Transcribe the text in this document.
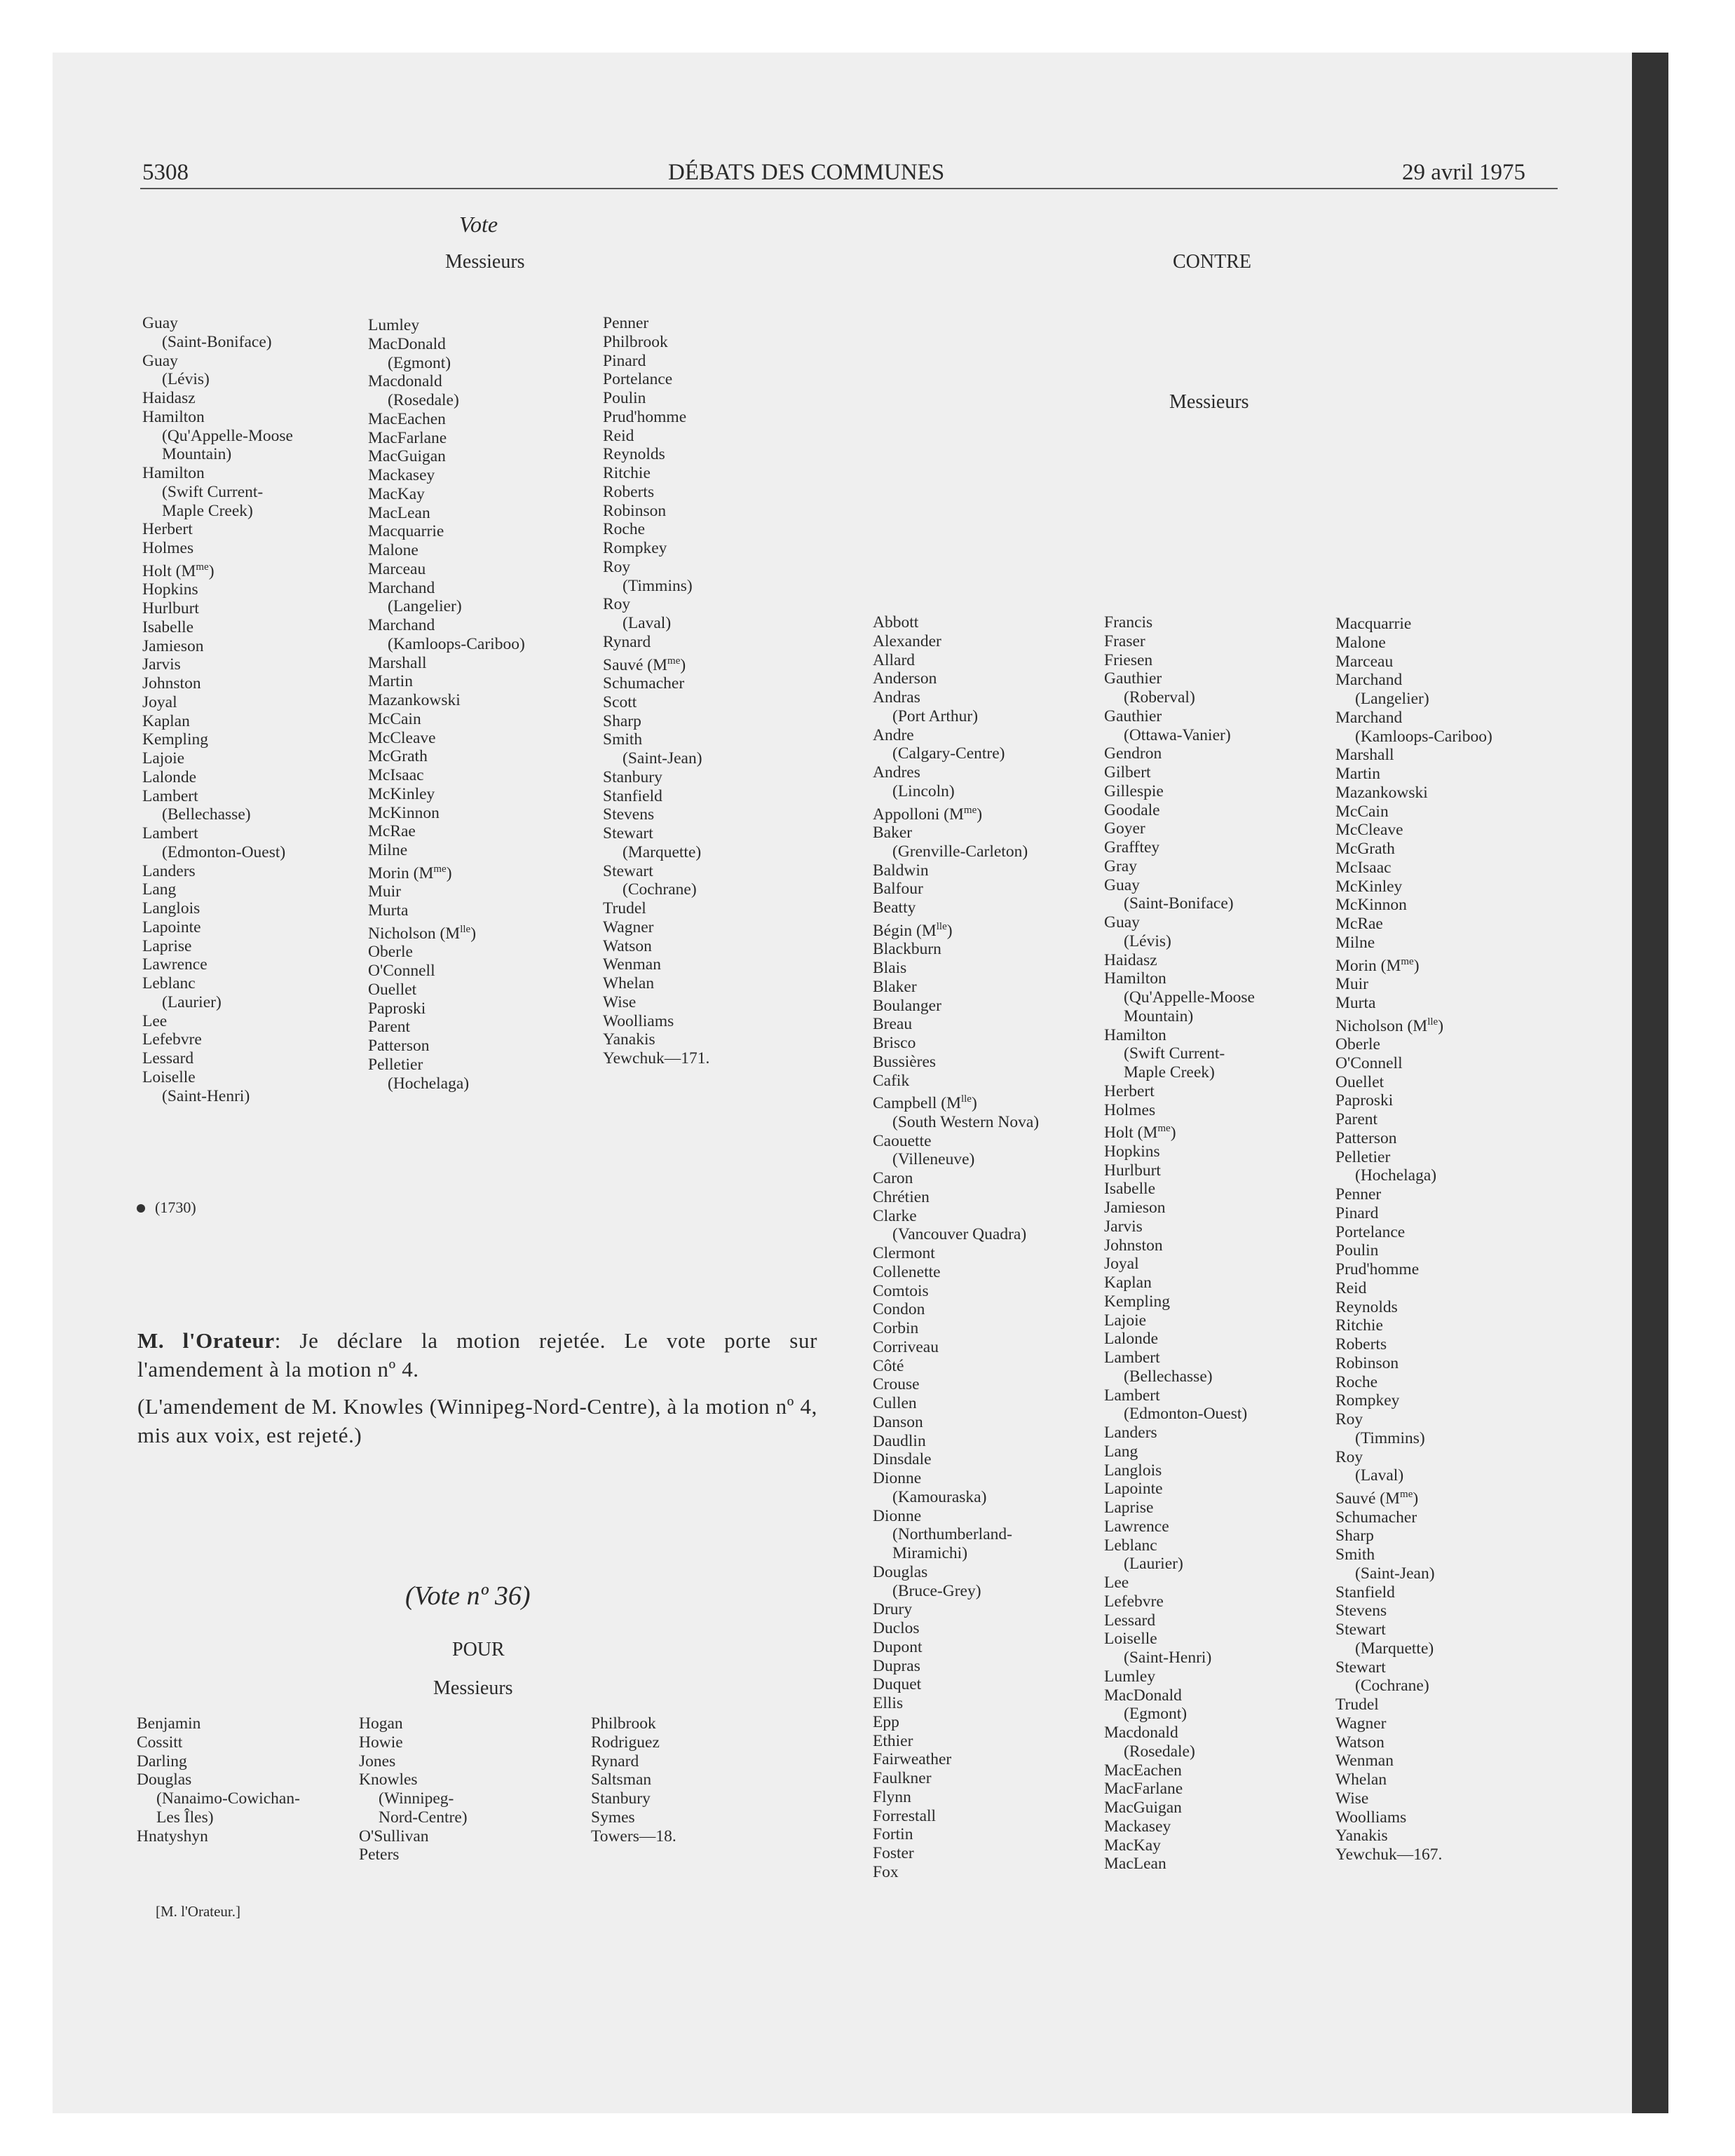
5308	DÉBATS DES COMMUNES	29 avril 1975
Vote
Messieurs	CONTRE
Messieurs
Guay
(Saint-Boniface)
Guay
(Lévis)
Haidasz
Hamilton
(Qu'Appelle-Moose
Mountain)
Hamilton
(Swift Current-
Maple Creek)
Herbert
Holmes
Holt $(M^{me})$
Hopkins
Hurlburt
Isabelle
Jamieson
Jarvis
Johnston
Joyal
Kaplan
Kempling
Lajoie
Lalonde
Lambert
(Bellechasse)
Lambert
(Edmonton-Ouest)
Landers
Lang
Langlois
Lapointe
Laprise
Lawrence
Leblanc
(Laurier)
Lee
Lefebvre
Lessard
Loiselle
(Saint-Henri)
Lumley
MacDonald
(Egmont)
Macdonald
(Rosedale)
MacEachen
MacFarlane
MacGuigan
Mackasey
MacKay
MacLean
Macquarrie
Malone
Marceau
Marchand
(Langelier)
Marchand
(Kamloops-Cariboo)
Marshall
Martin
Mazankowski
McCain
McCleave
McGrath
McIsaac
McKinley
McKinnon
McRae
Milne
Morin $(M^{me})$
Muir
Murta
Nicholson $(M^{lle})$
Oberle
O'Connell
Ouellet
Paproski
Parent
Patterson
Pelletier
(Hochelaga)
Penner
Philbrook
Pinard
Portelance
Poulin
Prud'homme
Reid
Reynolds
Ritchie
Roberts
Robinson
Roche
Rompkey
Roy
(Timmins)
Roy
(Laval)
Rynard
Sauvé $(M^{me})$
Schumacher
Scott
Sharp
Smith
(Saint-Jean)
Stanbury
Stanfield
Stevens
Stewart
(Marquette)
Stewart
(Cochrane)
Trudel
Wagner
Watson
Wenman
Whelan
Wise
Woolliams
Yanakis
Yewchuk—171.
(1730)

M. l'Orateur: Je déclare la motion rejetée. Le vote porte sur l'amendement à la motion nº 4.

(L'amendement de M. Knowles (Winnipeg-Nord-Centre), à la motion nº 4, mis aux voix, est rejeté.)

(Vote nº 36)
POUR
Messieurs
Benjamin
Cossitt
Darling
Douglas
(Nanaimo-Cowichan-
Les Îles)
Hnatyshyn
Hogan
Howie
Jones
Knowles
(Winnipeg-
Nord-Centre)
O'Sullivan
Peters
Philbrook
Rodriguez
Rynard
Saltsman
Stanbury
Symes
Towers—18.
Abbott
Alexander
Allard
Anderson
Andras
(Port Arthur)
Andre
(Calgary-Centre)
Andres
(Lincoln)
Appolloni $(M^{me})$
Baker
(Grenville-Carleton)
Baldwin
Balfour
Beatty
Bégin $(M^{lle})$
Blackburn
Blais
Blaker
Boulanger
Breau
Brisco
Bussières
Cafik
Campbell $(M^{lle})$
(South Western Nova)
Caouette
(Villeneuve)
Caron
Chrétien
Clarke
(Vancouver Quadra)
Clermont
Collenette
Comtois
Condon
Corbin
Corriveau
Côté
Crouse
Cullen
Danson
Daudlin
Dinsdale
Dionne
(Kamouraska)
Dionne
(Northumberland-
Miramichi)
Douglas
(Bruce-Grey)
Drury
Duclos
Dupont
Dupras
Duquet
Ellis
Epp
Ethier
Fairweather
Faulkner
Flynn
Forrestall
Fortin
Foster
Fox
Francis
Fraser
Friesen
Gauthier
(Roberval)
Gauthier
(Ottawa-Vanier)
Gendron
Gilbert
Gillespie
Goodale
Goyer
Grafftey
Gray
Guay
(Saint-Boniface)
Guay
(Lévis)
Haidasz
Hamilton
(Qu'Appelle-Moose
Mountain)
Hamilton
(Swift Current-
Maple Creek)
Herbert
Holmes
Holt $(M^{me})$
Hopkins
Hurlburt
Isabelle
Jamieson
Jarvis
Johnston
Joyal
Kaplan
Kempling
Lajoie
Lalonde
Lambert
(Bellechasse)
Lambert
(Edmonton-Ouest)
Landers
Lang
Langlois
Lapointe
Laprise
Lawrence
Leblanc
(Laurier)
Lee
Lefebvre
Lessard
Loiselle
(Saint-Henri)
Lumley
MacDonald
(Egmont)
Macdonald
(Rosedale)
MacEachen
MacFarlane
MacGuigan
Mackasey
MacKay
MacLean
Macquarrie
Malone
Marceau
Marchand
(Langelier)
Marchand
(Kamloops-Cariboo)
Marshall
Martin
Mazankowski
McCain
McCleave
McGrath
McIsaac
McKinley
McKinnon
McRae
Milne
Morin $(M^{me})$
Muir
Murta
Nicholson $(M^{lle})$
Oberle
O'Connell
Ouellet
Paproski
Parent
Patterson
Pelletier
(Hochelaga)
Penner
Pinard
Portelance
Poulin
Prud'homme
Reid
Reynolds
Ritchie
Roberts
Robinson
Roche
Rompkey
Roy
(Timmins)
Roy
(Laval)
Sauvé $(M^{me})$
Schumacher
Sharp
Smith
(Saint-Jean)
Stanfield
Stevens
Stewart
(Marquette)
Stewart
(Cochrane)
Trudel
Wagner
Watson
Wenman
Whelan
Wise
Woolliams
Yanakis
Yewchuk—167.
[M. l'Orateur.]
